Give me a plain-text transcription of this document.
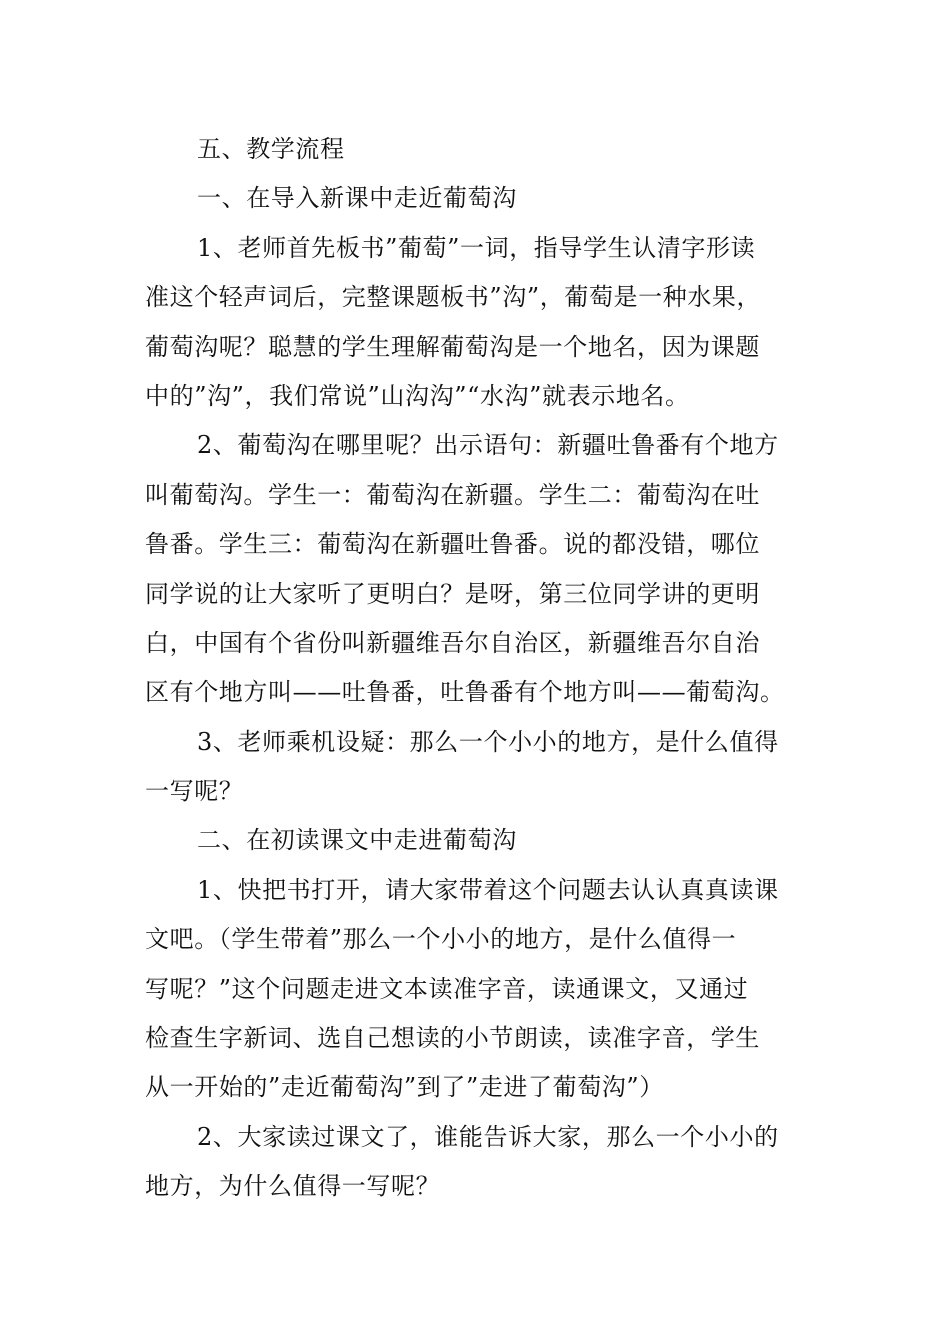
五、教学流程
一、在导入新课中走近葡萄沟
1、老师首先板书”葡萄”一词，指导学生认清字形读
准这个轻声词后，完整课题板书”沟”，葡萄是一种水果，
葡萄沟呢？聪慧的学生理解葡萄沟是一个地名，因为课题
中的”沟”，我们常说”山沟沟”“水沟”就表示地名。
2、葡萄沟在哪里呢？出示语句：新疆吐鲁番有个地方
叫葡萄沟。学生一：葡萄沟在新疆。学生二：葡萄沟在吐
鲁番。学生三：葡萄沟在新疆吐鲁番。说的都没错，哪位
同学说的让大家听了更明白？是呀，第三位同学讲的更明
白，中国有个省份叫新疆维吾尔自治区，新疆维吾尔自治
区有个地方叫——吐鲁番，吐鲁番有个地方叫——葡萄沟。
3、老师乘机设疑：那么一个小小的地方，是什么值得
一写呢？
二、在初读课文中走进葡萄沟
1、快把书打开，请大家带着这个问题去认认真真读课
文吧。（学生带着”那么一个小小的地方，是什么值得一
写呢？”这个问题走进文本读准字音，读通课文，又通过
检查生字新词、选自己想读的小节朗读，读准字音，学生
从一开始的”走近葡萄沟”到了”走进了葡萄沟”）
2、大家读过课文了，谁能告诉大家，那么一个小小的
地方，为什么值得一写呢？
